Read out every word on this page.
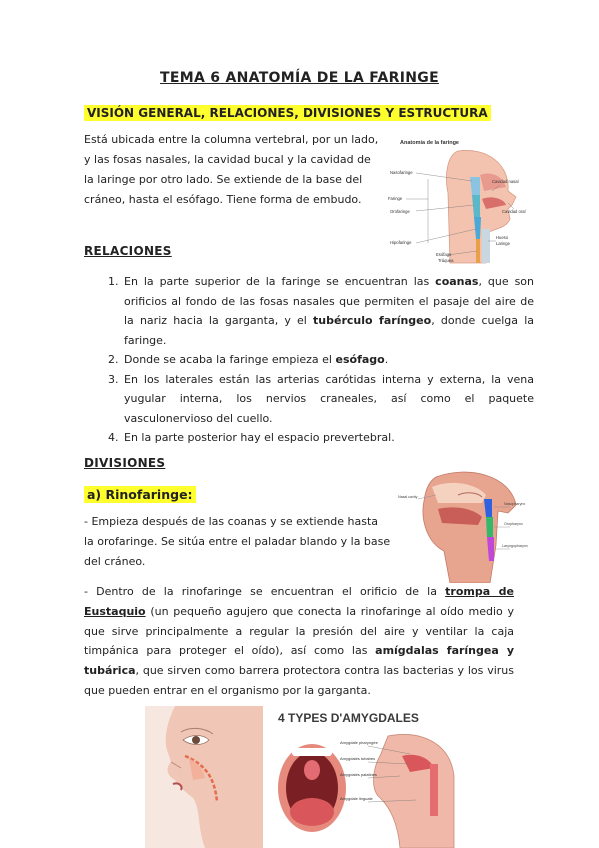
TEMA 6 ANATOMÍA DE LA FARINGE
VISIÓN GENERAL, RELACIONES, DIVISIONES Y ESTRUCTURA

Está ubicada entre la columna vertebral, por un lado,

y las fosas nasales, la cavidad bucal y la cavidad de

la laringe por otro lado. Se extiende de la base del

cráneo, hasta el esófago. Tiene forma de embudo.

Anatomía de la faringe
Nasofaringe
Faringe
Orofaringe
Hipofaringe
Esófago
Tráquea
Cavidad nasal
Cavidad oral
Hueso
Laringe
RELACIONES
1. En la parte superior de la faringe se encuentran las coanas, que son orificios al fondo de las fosas nasales que permiten el pasaje del aire de la nariz hacia la garganta, y el tubérculo faríngeo, donde cuelga la faringe.
2. Donde se acaba la faringe empieza el esófago.
3. En los laterales están las arterias carótidas interna y externa, la vena yugular interna, los nervios craneales, así como el paquete vasculonervioso del cuello.
4. En la parte posterior hay el espacio prevertebral.
DIVISIONES
a) Rinofaringe:

- Empieza después de las coanas y se extiende hasta

la orofaringe. Se sitúa entre el paladar blando y la base

del cráneo.

Nasal cavity
Nasopharynx
Oropharynx
Laryngopharynx
- Dentro de la rinofaringe se encuentran el orificio de la trompa de Eustaquio (un pequeño agujero que conecta la rinofaringe al oído medio y que sirve principalmente a regular la presión del aire y ventilar la caja timpánica para proteger el oído), así como las amígdalas faríngea y tubárica, que sirven como barrera protectora contra las bacterias y los virus que pueden entrar en el organismo por la garganta.
4 TYPES D'AMYGDALES
Amygdale pharyngée
Amygdales tubaires
Amygdales palatines
Amygdale linguale
